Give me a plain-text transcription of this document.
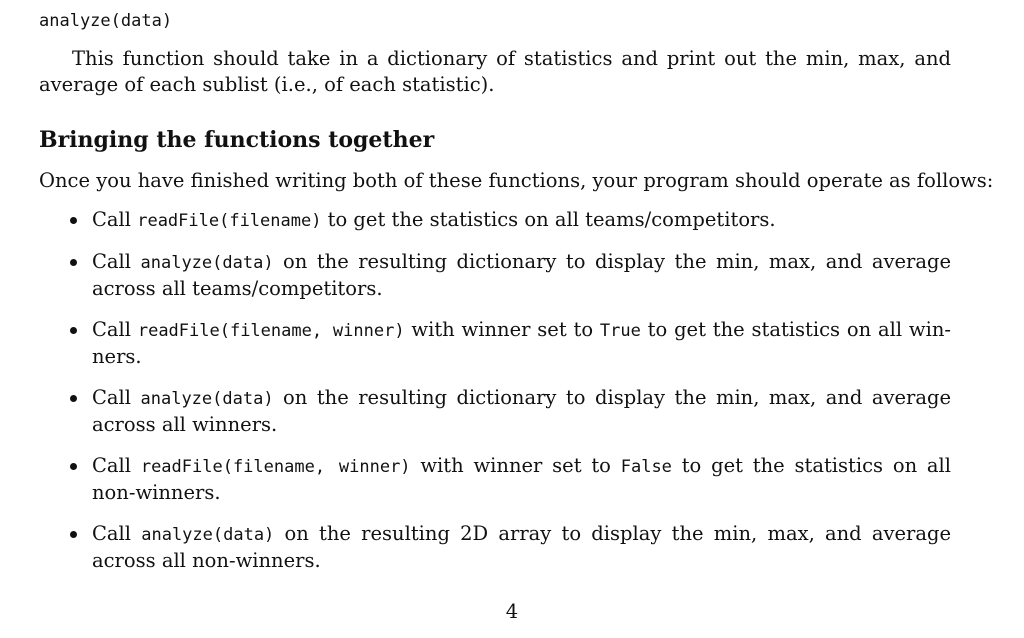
analyze(data)

This function should take in a dictionary of statistics and print out the min, max, and average of each sublist (i.e., of each statistic).

Bringing the functions together

Once you have finished writing both of these functions, your program should operate as follows:

Call readFile(filename) to get the statistics on all teams/competitors.
Call analyze(data) on the resulting dictionary to display the min, max, and average across all teams/competitors.
Call readFile(filename, winner) with winner set to True to get the statistics on all winners.
Call analyze(data) on the resulting dictionary to display the min, max, and average across all winners.
Call readFile(filename, winner) with winner set to False to get the statistics on all non-winners.
Call analyze(data) on the resulting 2D array to display the min, max, and average across all non-winners.
4
